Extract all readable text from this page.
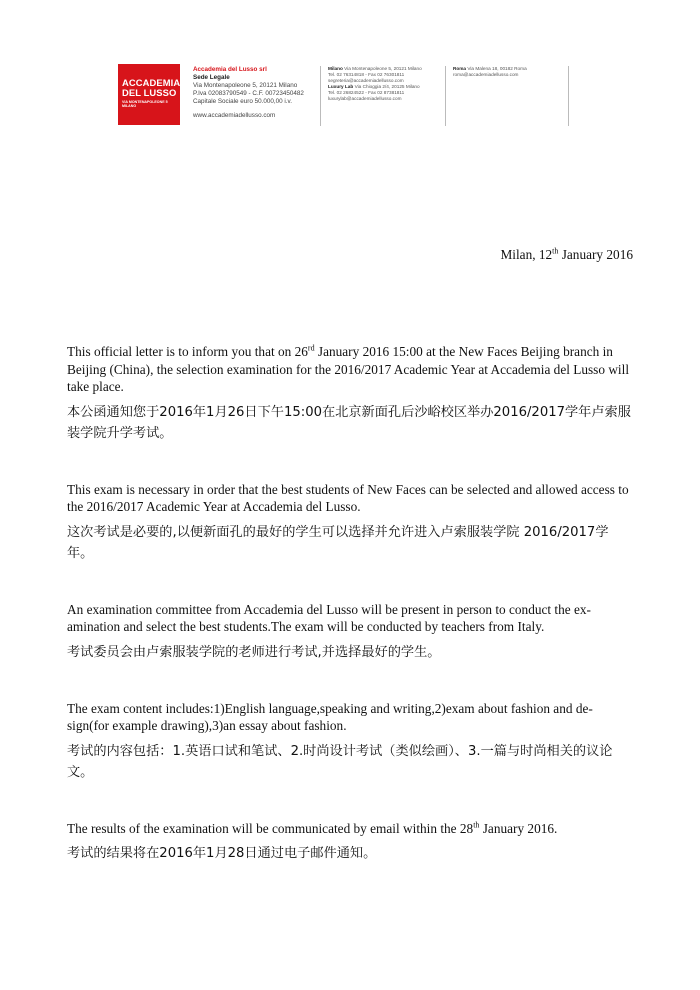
ACCADEMIA
DEL LUSSO
VIA MONTENAPOLEONE 5
MILANO
Accademia del Lusso srl
Sede Legale
Via Montenapoleone 5, 20121 Milano
P.Iva 02083790549 - C.F. 00723450482
Capitale Sociale euro 50.000,00 i.v.
www.accademiadellusso.com
Milano Via Montenapoleone 5, 20121 Milano
Tel. 02 76314818 - Fax 02 76301811
segreteria@accademiadellusso.com
Luxury Lab Via Chioggia 2/4, 20125 Milano
Tel. 02 26824522 - Fax 02 87381811
luxurylab@accademiadellusso.com
Roma Via Malena 18, 00182 Roma
roma@accademiadellusso.com
Milan, 12th January 2016

This official letter is to inform you that on 26rd January 2016 15:00 at the New Faces Beijing branch in Beijing (China), the selection examination for the 2016/2017 Academic Year at Accademia del Lusso will take place.

本公函通知您于2016年1月26日下午15:00在北京新面孔后沙峪校区举办2016/2017学年卢索服装学院升学考试。

This exam is necessary in order that the best students of New Faces can be selected and allowed access to the 2016/2017 Academic Year at Accademia del Lusso.

这次考试是必要的,以便新面孔的最好的学生可以选择并允许进入卢索服装学院 2016/2017学年。

An examination committee from Accademia del Lusso will be present in person to conduct the ex-
amination and select the best students.The exam will be conducted by teachers from Italy.

考试委员会由卢索服装学院的老师进行考试,并选择最好的学生。

The exam content includes:1)English language,speaking and writing,2)exam about fashion and de-
sign(for example drawing),3)an essay about fashion.

考试的内容包括：1.英语口试和笔试、2.时尚设计考试（类似绘画）、3.一篇与时尚相关的议论文。

The results of the examination will be communicated by email within the 28th January 2016.

考试的结果将在2016年1月28日通过电子邮件通知。
